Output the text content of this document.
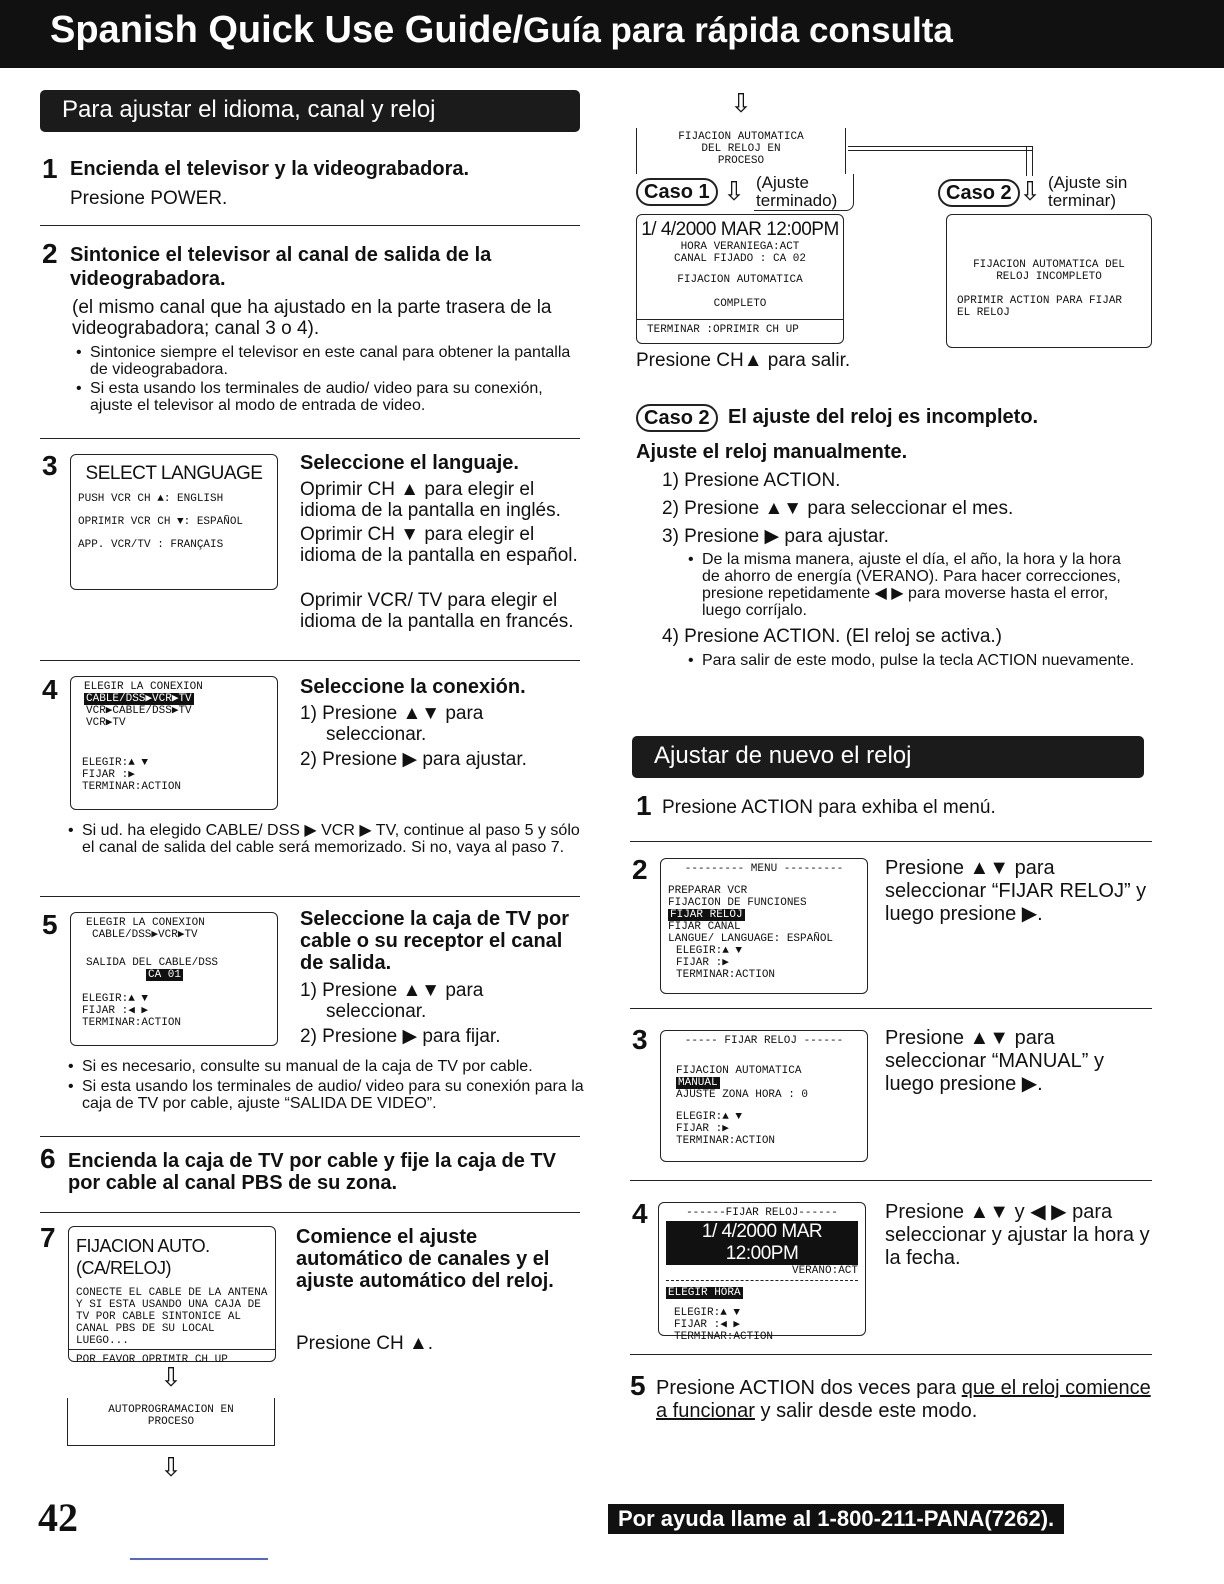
Spanish Quick Use Guide/Guía para rápida consulta
Para ajustar el idioma, canal y reloj
1 Encienda el televisor y la videograbadora.
Presione POWER.
2 Sintonice el televisor al canal de salida de la videograbadora.
(el mismo canal que ha ajustado en la parte trasera de la videograbadora; canal 3 o 4).
• Sintonice siempre el televisor en este canal para obtener la pantalla de videograbadora.
• Si esta usando los terminales de audio/ video para su conexión, ajuste el televisor al modo de entrada de video.
3	SELECT LANGUAGE
PUSH VCR CH ▲: ENGLISH
OPRIMIR VCR CH ▼: ESPAÑOL
APP. VCR/TV : FRANÇAIS
Seleccione el languaje.
Oprimir CH ▲ para elegir el idioma de la pantalla en inglés.
Oprimir CH ▼ para elegir el idioma de la pantalla en español.
Oprimir VCR/ TV para elegir el idioma de la pantalla en francés.
4 ELEGIR LA CONEXION
CABLE/DSS▶VCR▶TV
VCR▶CABLE/DSS▶TV
VCR▶TV
ELEGIR:▲ ▼
FIJAR :▶
TERMINAR:ACTION
Seleccione la conexión.
1) Presione ▲▼ para seleccionar.
2) Presione ▶ para ajustar.
• Si ud. ha elegido CABLE/ DSS ▶ VCR ▶ TV, continue al paso 5 y sólo el canal de salida del cable será memorizado. Si no, vaya al paso 7.
5	ELEGIR LA CONEXION
CABLE/DSS▶VCR▶TV
SALIDA DEL CABLE/DSS
CA 01
ELEGIR:▲ ▼
FIJAR :◀ ▶
TERMINAR:ACTION
Seleccione la caja de TV por cable o su receptor el canal de salida.
1) Presione ▲▼ para seleccionar.
2) Presione ▶ para fijar.
• Si es necesario, consulte su manual de la caja de TV por cable.
• Si esta usando los terminales de audio/ video para su conexión para la caja de TV por cable, ajuste “SALIDA DE VIDEO”.
6 Encienda la caja de TV por cable y fije la caja de TV por cable al canal PBS de su zona.
7 FIJACION AUTO. (CA/RELOJ)
CONECTE EL CABLE DE LA ANTENA Y SI ESTA USANDO UNA CAJA DE TV POR CABLE SINTONICE AL CANAL PBS DE SU LOCAL LUEGO...
POR FAVOR OPRIMIR CH UP
Comience el ajuste automático de canales y el ajuste automático del reloj.
Presione CH ▲.
⇩
AUTOPROGRAMACION EN PROCESO
⇩
⇩
FIJACION AUTOMATICA DEL RELOJ EN PROCESO
Caso 1 ⇩ (Ajuste terminado)	Caso 2 ⇩ (Ajuste sin terminar)
1/ 4/2000 MAR 12:00PM
HORA VERANIEGA:ACT
CANAL FIJADO : CA 02
FIJACION AUTOMATICA
COMPLETO
TERMINAR :OPRIMIR CH UP
FIJACION AUTOMATICA DEL RELOJ INCOMPLETO
OPRIMIR ACTION PARA FIJAR EL RELOJ
Presione CH▲ para salir.
Caso 2 El ajuste del reloj es incompleto.
Ajuste el reloj manualmente.
1) Presione ACTION.
2) Presione ▲▼ para seleccionar el mes.
3) Presione ▶ para ajustar.
• De la misma manera, ajuste el día, el año, la hora y la hora de ahorro de energía (VERANO). Para hacer correcciones, presione repetidamente ◀ ▶ para moverse hasta el error, luego corríjalo.
4) Presione ACTION. (El reloj se activa.)
• Para salir de este modo, pulse la tecla ACTION nuevamente.
Ajustar de nuevo el reloj
1 Presione ACTION para exhiba el menú.
2	--------- MENU ---------
PREPARAR VCR
FIJACION DE FUNCIONES
FIJAR RELOJ
FIJAR CANAL
LANGUE/ LANGUAGE: ESPAÑOL
ELEGIR:▲ ▼
FIJAR :▶
TERMINAR:ACTION
Presione ▲▼ para seleccionar “FIJAR RELOJ” y luego presione ▶.
3	----- FIJAR RELOJ ------
FIJACION AUTOMATICA
MANUAL
AJUSTE ZONA HORA : 0
ELEGIR:▲ ▼
FIJAR :▶
TERMINAR:ACTION
Presione ▲▼ para seleccionar “MANUAL” y luego presione ▶.
4	------FIJAR RELOJ------
1/ 4/2000 MAR 12:00PM
VERANO:ACT
ELEGIR HORA
ELEGIR:▲ ▼
FIJAR :◀ ▶
TERMINAR:ACTION
Presione ▲▼ y ◀ ▶ para seleccionar y ajustar la hora y la fecha.
5 Presione ACTION dos veces para que el reloj comience a funcionar y salir desde este modo.
42	Por ayuda llame al 1-800-211-PANA(7262).
